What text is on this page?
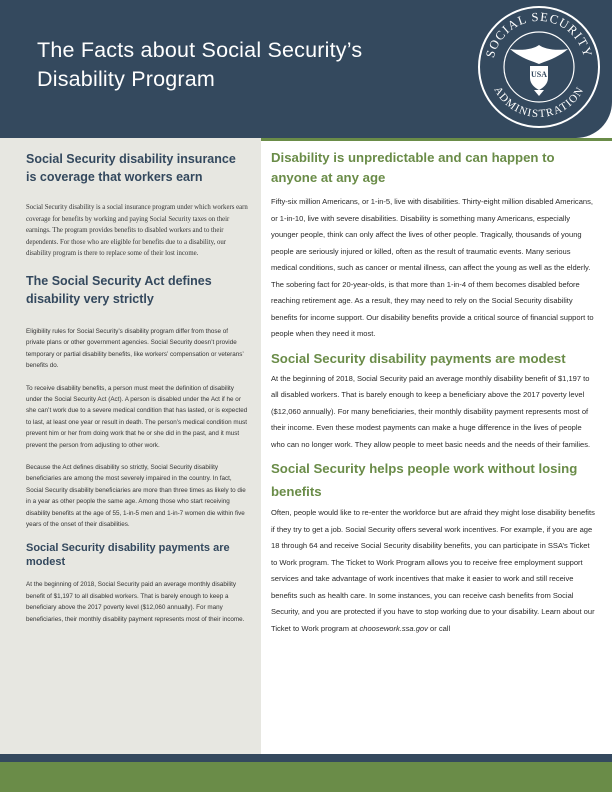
The Facts about Social Security’s
Disability Program
SOCIAL SECURITY
ADMINISTRATION
USA
Social Security disability insurance is coverage that workers earn

Social Security disability is a social insurance program under which workers earn coverage for benefits by working and paying Social Security taxes on their earnings. The program provides benefits to disabled workers and to their dependents. For those who are eligible for benefits due to a disability, our disability program is there to replace some of their lost income.

The Social Security Act defines disability very strictly

Eligibility rules for Social Security’s disability program differ from those of private plans or other government agencies. Social Security doesn’t provide temporary or partial disability benefits, like workers’ compensation or veterans’ benefits do.

To receive disability benefits, a person must meet the definition of disability under the Social Security Act (Act). A person is disabled under the Act if he or she can’t work due to a severe medical condition that has lasted, or is expected to last, at least one year or result in death. The person’s medical condition must prevent him or her from doing work that he or she did in the past, and it must prevent the person from adjusting to other work.

Because the Act defines disability so strictly, Social Security disability beneficiaries are among the most severely impaired in the country. In fact, Social Security disability beneficiaries are more than three times as likely to die in a year as other people the same age. Among those who start receiving disability benefits at the age of 55, 1-in-5 men and 1-in-7 women die within five years of the onset of their disabilities.

Social Security disability payments are modest

At the beginning of 2018, Social Security paid an average monthly disability benefit of $1,197 to all disabled workers. That is barely enough to keep a beneficiary above the 2017 poverty level ($12,060 annually). For many beneficiaries, their monthly disability payment represents most of their income.

Disability is unpredictable and can happen to anyone at any age

Fifty-six million Americans, or 1-in-5, live with disabilities. Thirty-eight million disabled Americans, or 1-in-10, live with severe disabilities. Disability is something many Americans, especially younger people, think can only affect the lives of other people. Tragically, thousands of young people are seriously injured or killed, often as the result of traumatic events. Many serious medical conditions, such as cancer or mental illness, can affect the young as well as the elderly. The sobering fact for 20-year-olds, is that more than 1-in-4 of them becomes disabled before reaching retirement age. As a result, they may need to rely on the Social Security disability benefits for income support. Our disability benefits provide a critical source of financial support to people when they need it most.

Social Security disability payments are modest

At the beginning of 2018, Social Security paid an average monthly disability benefit of $1,197 to all disabled workers. That is barely enough to keep a beneficiary above the 2017 poverty level ($12,060 annually). For many beneficiaries, their monthly disability payment represents most of their income. Even these modest payments can make a huge difference in the lives of people who can no longer work. They allow people to meet basic needs and the needs of their families.

Social Security helps people work without losing benefits

Often, people would like to re-enter the workforce but are afraid they might lose disability benefits if they try to get a job. Social Security offers several work incentives. For example, if you are age 18 through 64 and receive Social Security disability benefits, you can participate in SSA’s Ticket to Work program. The Ticket to Work Program allows you to receive free employment support services and take advantage of work incentives that make it easier to work and still receive benefits such as health care. In some instances, you can receive cash benefits from Social Security, and you are protected if you have to stop working due to your disability. Learn about our Ticket to Work program at choosework.ssa.gov or call
